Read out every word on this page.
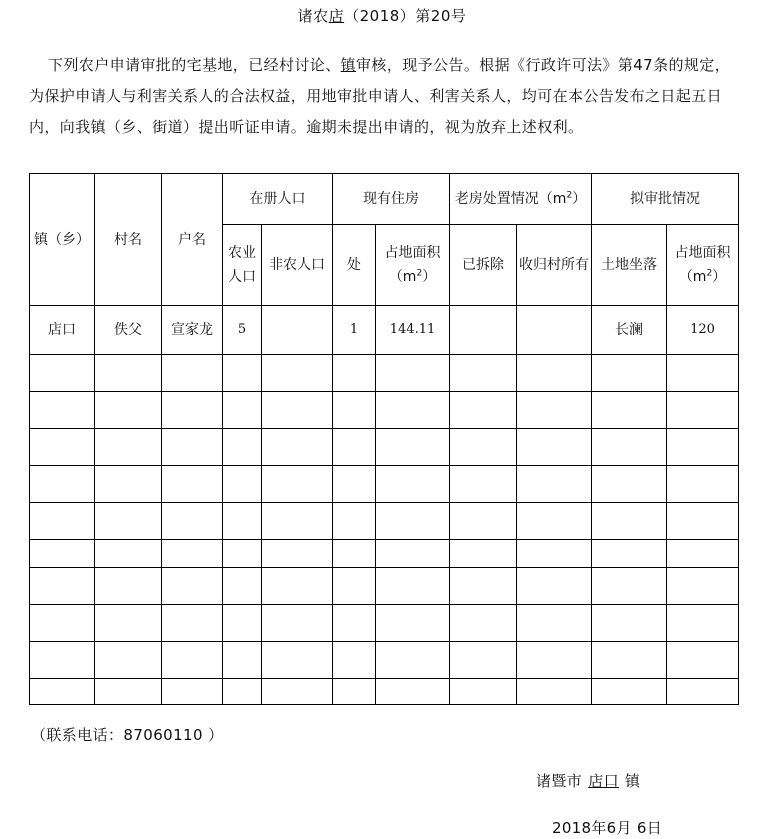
诸农店（2018）第20号

下列农户申请审批的宅基地，已经村讨论、镇审核，现予公告。根据《行政许可法》第47条的规定，为保护申请人与利害关系人的合法权益，用地审批申请人、利害关系人，均可在本公告发布之日起五日内，向我镇（乡、街道）提出听证申请。逾期未提出申请的，视为放弃上述权利。

镇（乡）	村名	户名	在册人口		现有住房		老房处置情况$(m^2)$		拟审批情况	
			农业人口	非农人口	处	占地面积$(m^2)$	已拆除	收归村所有	土地坐落	占地面积$(m^2)$
店口	佚父	宣家龙	5		1	144.11			长澜	120

（联系电话：87060110 ）
诸暨市 店口 镇
2018年6月 6日
